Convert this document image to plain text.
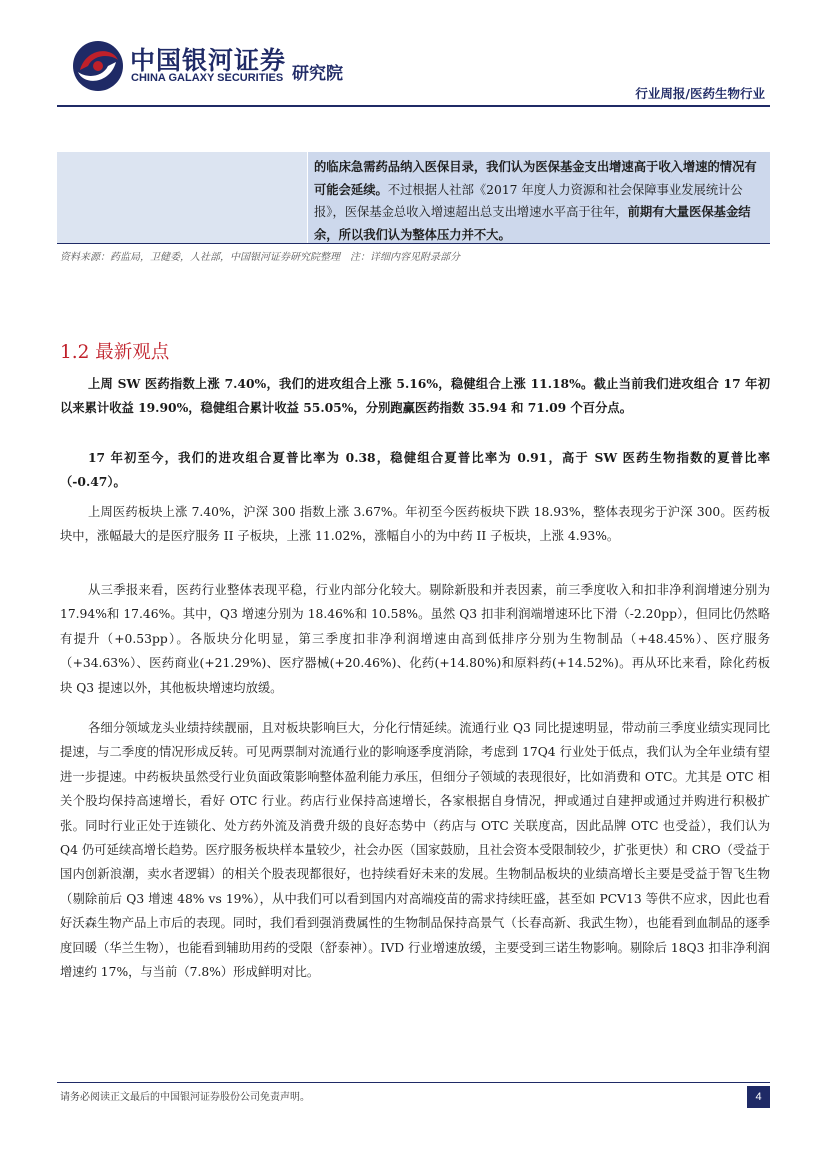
中国银河证券
CHINA GALAXY SECURITIES 研究院
行业周报/医药生物行业
的临床急需药品纳入医保目录，我们认为医保基金支出增速高于收入增速的情况有可能会延续。不过根据人社部《2017 年度人力资源和社会保障事业发展统计公报》，医保基金总收入增速超出总支出增速水平高于往年，前期有大量医保基金结余，所以我们认为整体压力并不大。
资料来源：药监局，卫健委，人社部，中国银河证券研究院整理　注：详细内容见附录部分
1.2 最新观点

上周 SW 医药指数上涨 7.40%，我们的进攻组合上涨 5.16%，稳健组合上涨 11.18%。截止当前我们进攻组合 17 年初以来累计收益 19.90%，稳健组合累计收益 55.05%，分别跑赢医药指数 35.94 和 71.09 个百分点。

17 年初至今，我们的进攻组合夏普比率为 0.38，稳健组合夏普比率为 0.91，高于 SW 医药生物指数的夏普比率（-0.47）。

上周医药板块上涨 7.40%，沪深 300 指数上涨 3.67%。年初至今医药板块下跌 18.93%，整体表现劣于沪深 300。医药板块中，涨幅最大的是医疗服务 II 子板块，上涨 11.02%，涨幅自小的为中药 II 子板块，上涨 4.93%。

从三季报来看，医药行业整体表现平稳，行业内部分化较大。剔除新股和并表因素，前三季度收入和扣非净利润增速分别为 17.94%和 17.46%。其中，Q3 增速分别为 18.46%和 10.58%。虽然 Q3 扣非利润端增速环比下滑（-2.20pp），但同比仍然略有提升（+0.53pp）。各版块分化明显，第三季度扣非净利润增速由高到低排序分别为生物制品（+48.45%）、医疗服务（+34.63%）、医药商业(+21.29%)、医疗器械(+20.46%)、化药(+14.80%)和原料药(+14.52%)。再从环比来看，除化药板块 Q3 提速以外，其他板块增速均放缓。

各细分领域龙头业绩持续靓丽，且对板块影响巨大，分化行情延续。流通行业 Q3 同比提速明显，带动前三季度业绩实现同比提速，与二季度的情况形成反转。可见两票制对流通行业的影响逐季度消除，考虑到 17Q4 行业处于低点，我们认为全年业绩有望进一步提速。中药板块虽然受行业负面政策影响整体盈利能力承压，但细分子领域的表现很好，比如消费和 OTC。尤其是 OTC 相关个股均保持高速增长，看好 OTC 行业。药店行业保持高速增长，各家根据自身情况，押或通过自建押或通过并购进行积极扩张。同时行业正处于连锁化、处方药外流及消费升级的良好态势中（药店与 OTC 关联度高，因此品牌 OTC 也受益），我们认为 Q4 仍可延续高增长趋势。医疗服务板块样本量较少，社会办医（国家鼓励，且社会资本受限制较少，扩张更快）和 CRO（受益于国内创新浪潮，卖水者逻辑）的相关个股表现都很好，也持续看好未来的发展。生物制品板块的业绩高增长主要是受益于智飞生物（剔除前后 Q3 增速 48% vs 19%），从中我们可以看到国内对高端疫苗的需求持续旺盛，甚至如 PCV13 等供不应求，因此也看好沃森生物产品上市后的表现。同时，我们看到强消费属性的生物制品保持高景气（长春高新、我武生物），也能看到血制品的逐季度回暖（华兰生物），也能看到辅助用药的受限（舒泰神）。IVD 行业增速放缓，主要受到三诺生物影响。剔除后 18Q3 扣非净利润增速约 17%，与当前（7.8%）形成鲜明对比。

请务必阅读正文最后的中国银河证券股份公司免责声明。	4
